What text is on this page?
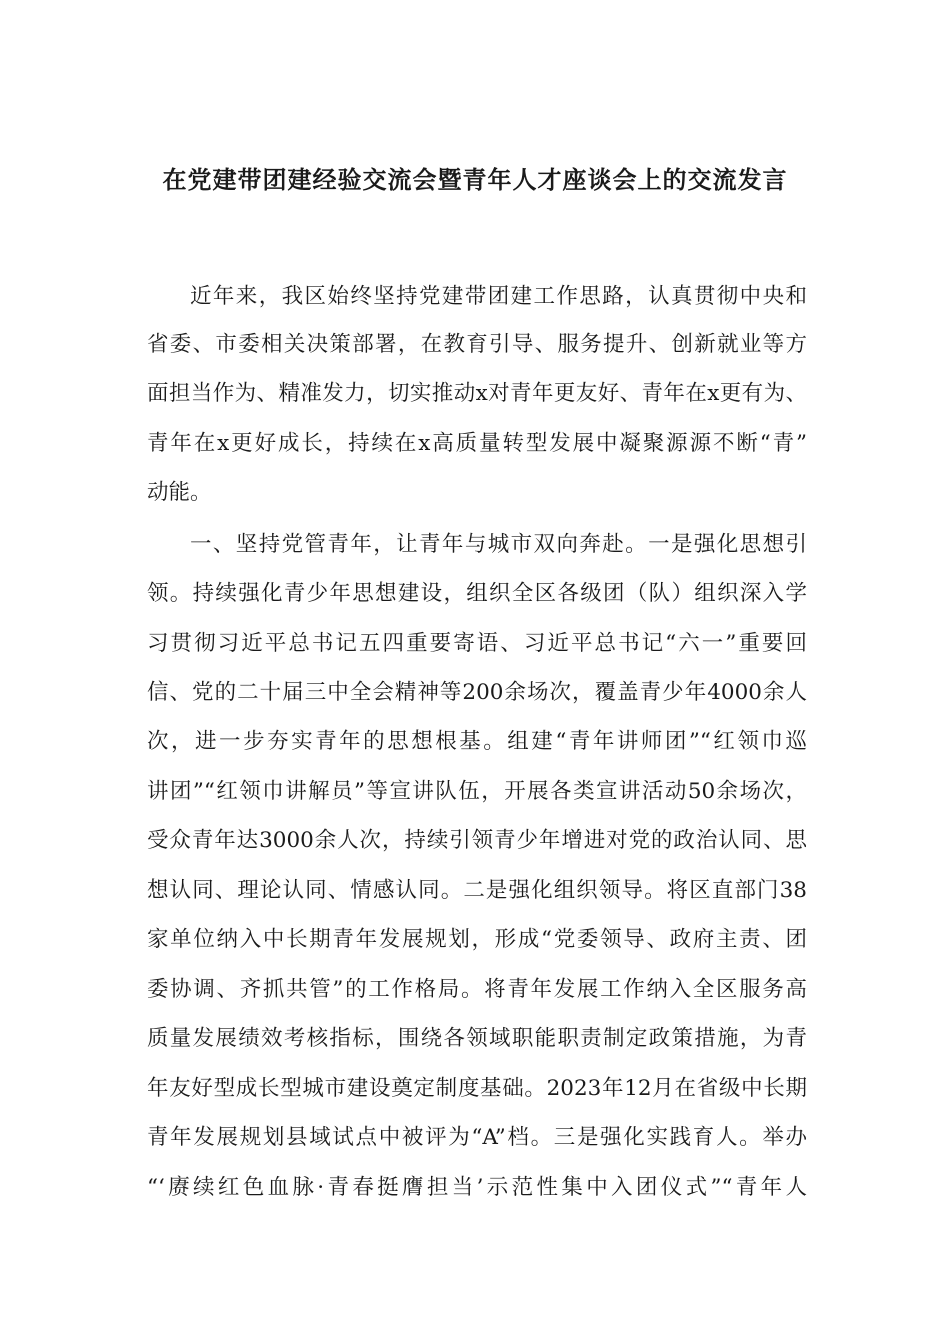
在党建带团建经验交流会暨青年人才座谈会上的交流发言
近年来，我区始终坚持党建带团建工作思路，认真贯彻中央和
省委、市委相关决策部署，在教育引导、服务提升、创新就业等方
面担当作为、精准发力，切实推动x对青年更友好、青年在x更有为、
青年在x更好成长，持续在x高质量转型发展中凝聚源源不断“青”
动能。
一、坚持党管青年，让青年与城市双向奔赴。一是强化思想引
领。持续强化青少年思想建设，组织全区各级团（队）组织深入学
习贯彻习近平总书记五四重要寄语、习近平总书记“六一”重要回
信、党的二十届三中全会精神等200余场次，覆盖青少年4000余人
次，进一步夯实青年的思想根基。组建“青年讲师团”“红领巾巡
讲团”“红领巾讲解员”等宣讲队伍，开展各类宣讲活动50余场次，
受众青年达3000余人次，持续引领青少年增进对党的政治认同、思
想认同、理论认同、情感认同。二是强化组织领导。将区直部门38
家单位纳入中长期青年发展规划，形成“党委领导、政府主责、团
委协调、齐抓共管”的工作格局。将青年发展工作纳入全区服务高
质量发展绩效考核指标，围绕各领域职能职责制定政策措施，为青
年友好型成长型城市建设奠定制度基础。2023年12月在省级中长期
青年发展规划县域试点中被评为“A”档。三是强化实践育人。举办
“‘赓续红色血脉·青春挺膺担当’示范性集中入团仪式”“青年人
